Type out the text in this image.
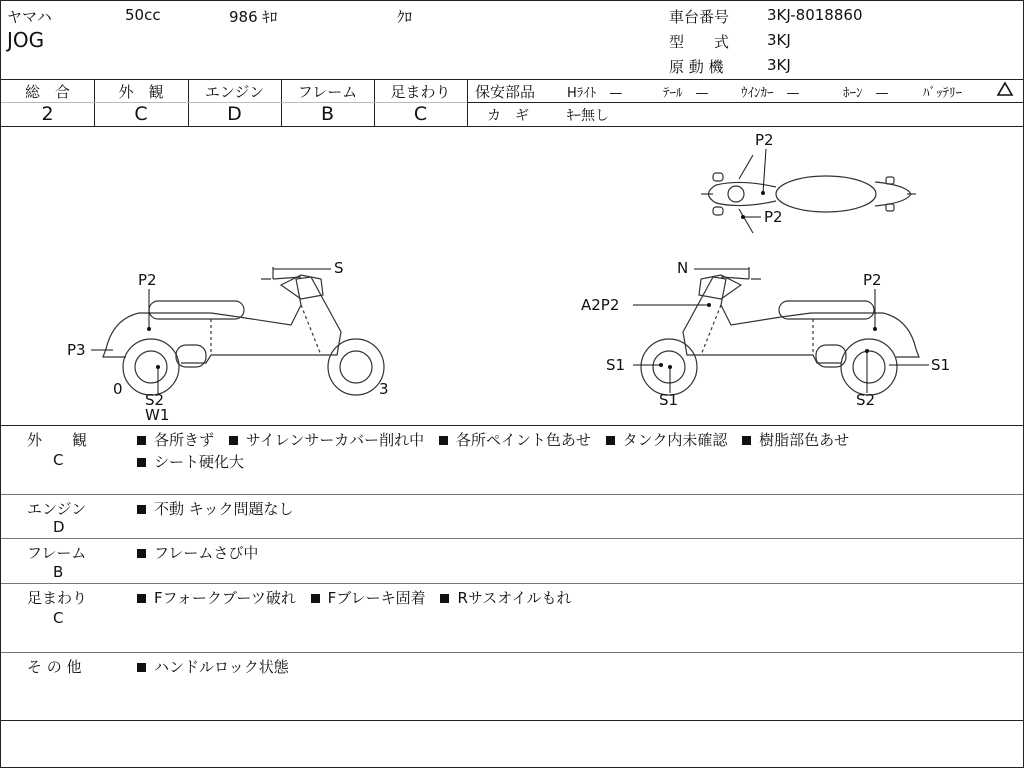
ヤマハ	50cc	986 ｷﾛ	ｸﾛ
JOG
車台番号	3KJ-8018860
型　　式	3KJ
原 動 機	3KJ
総　合
2
外　観
C
エンジン
D
フレーム
B
足まわり
C
保安部品 Hﾗｲﾄ　—	ﾃｰﾙ　— ｳｲﾝｶｰ　—	ﾎｰﾝ　—	ﾊﾞｯﾃﾘｰ
カ　ギ	ｷｰ無し
P2
P2
S
P2
P3
0
S2
W1
3
N
P2
A2P2
S1
S1
S1
S2
外　　観
C
各所きず サイレンサーカバー削れ中 各所ペイント色あせ タンク内未確認 樹脂部色あせ
シート硬化大
エンジン
D
不動 キック問題なし
フレーム
B
フレームさび中
足まわり
C
Fフォークブーツ破れ Fブレーキ固着 Rサスオイルもれ
そ の 他	ハンドルロック状態
